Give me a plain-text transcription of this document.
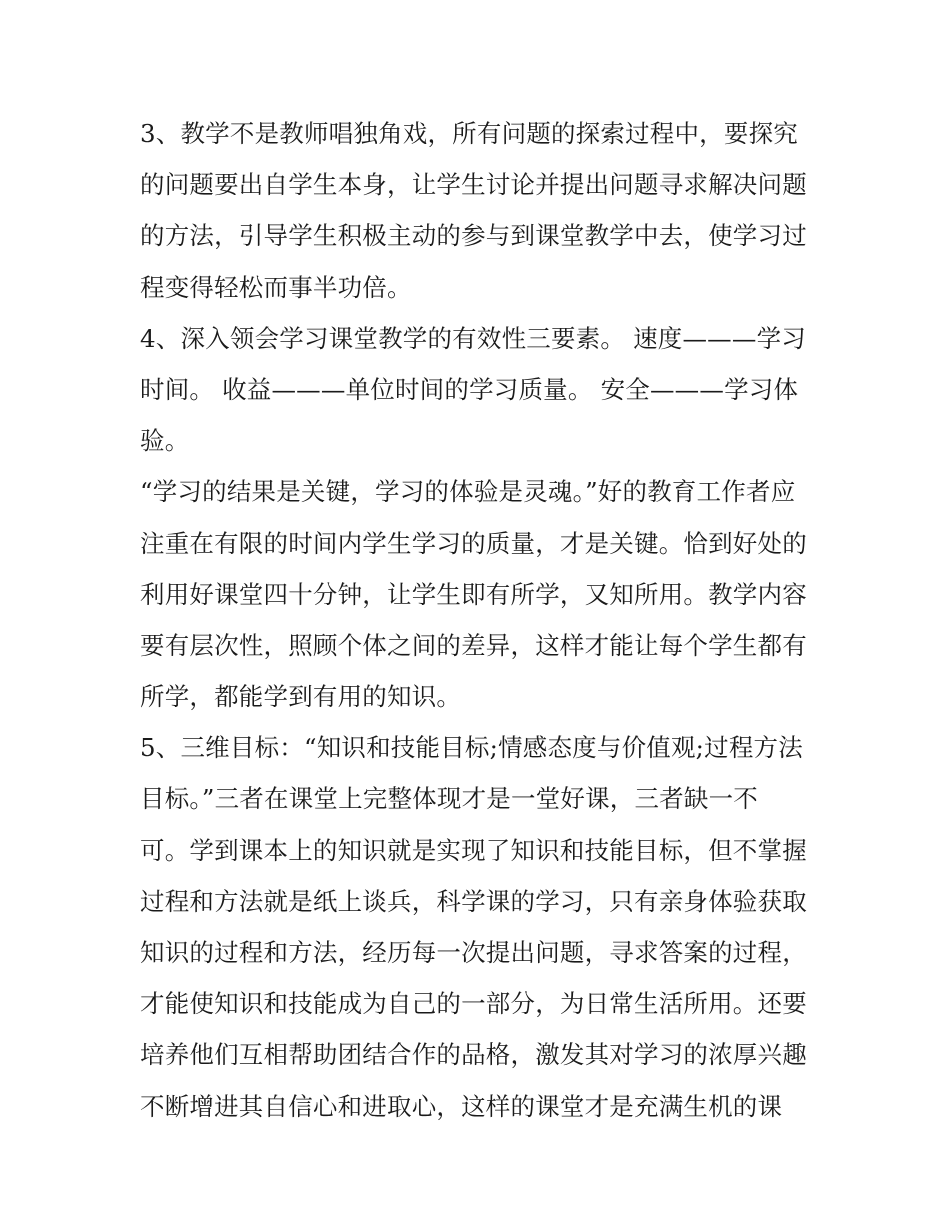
3、教学不是教师唱独角戏，所有问题的探索过程中，要探究
的问题要出自学生本身，让学生讨论并提出问题寻求解决问题
的方法，引导学生积极主动的参与到课堂教学中去，使学习过
程变得轻松而事半功倍。
4、深入领会学习课堂教学的有效性三要素。 速度———学习
时间。 收益———单位时间的学习质量。 安全———学习体
验。
“学习的结果是关键，学习的体验是灵魂。”好的教育工作者应
注重在有限的时间内学生学习的质量，才是关键。恰到好处的
利用好课堂四十分钟，让学生即有所学，又知所用。教学内容
要有层次性，照顾个体之间的差异，这样才能让每个学生都有
所学，都能学到有用的知识。
5、三维目标：“知识和技能目标;情感态度与价值观;过程方法
目标。”三者在课堂上完整体现才是一堂好课，三者缺一不
可。学到课本上的知识就是实现了知识和技能目标，但不掌握
过程和方法就是纸上谈兵，科学课的学习，只有亲身体验获取
知识的过程和方法，经历每一次提出问题，寻求答案的过程，
才能使知识和技能成为自己的一部分，为日常生活所用。还要
培养他们互相帮助团结合作的品格，激发其对学习的浓厚兴趣
不断增进其自信心和进取心，这样的课堂才是充满生机的课
